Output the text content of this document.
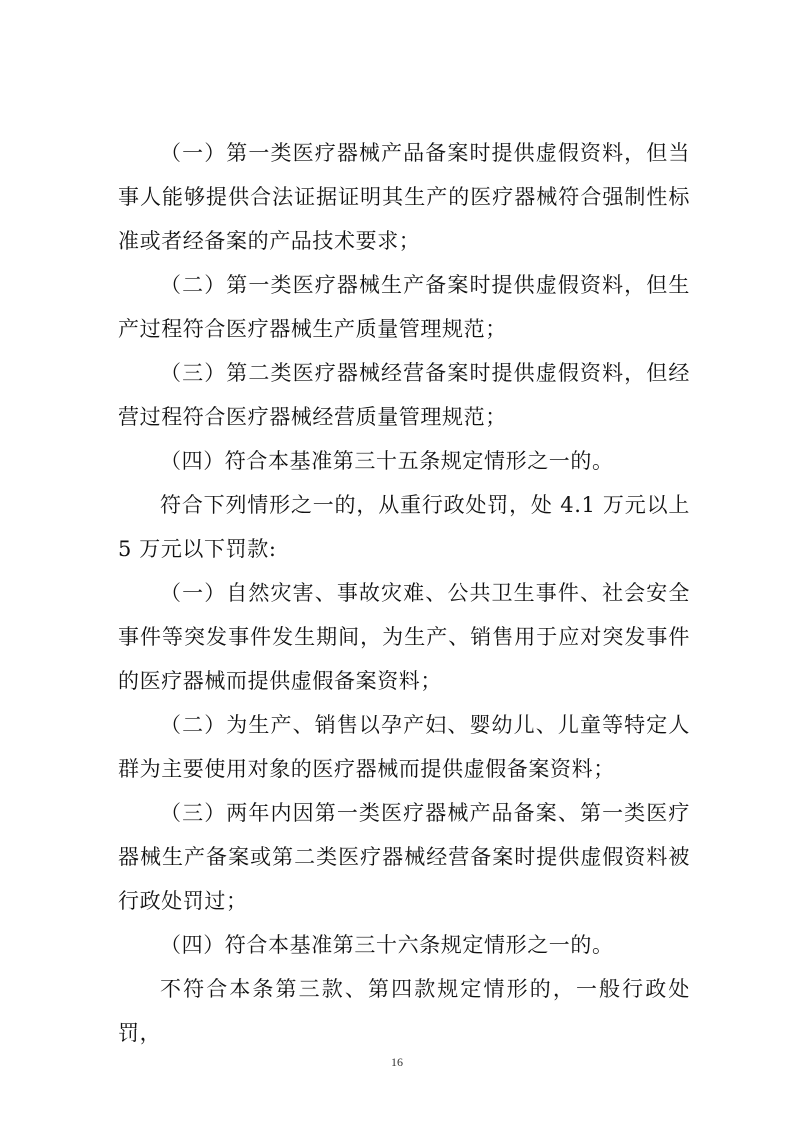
（一）第一类医疗器械产品备案时提供虚假资料，但当事人能够提供合法证据证明其生产的医疗器械符合强制性标准或者经备案的产品技术要求；

（二）第一类医疗器械生产备案时提供虚假资料，但生产过程符合医疗器械生产质量管理规范；

（三）第二类医疗器械经营备案时提供虚假资料，但经营过程符合医疗器械经营质量管理规范；

（四）符合本基准第三十五条规定情形之一的。

符合下列情形之一的，从重行政处罚，处 4.1 万元以上 5 万元以下罚款:

（一）自然灾害、事故灾难、公共卫生事件、社会安全事件等突发事件发生期间，为生产、销售用于应对突发事件的医疗器械而提供虚假备案资料；

（二）为生产、销售以孕产妇、婴幼儿、儿童等特定人群为主要使用对象的医疗器械而提供虚假备案资料；

（三）两年内因第一类医疗器械产品备案、第一类医疗器械生产备案或第二类医疗器械经营备案时提供虚假资料被行政处罚过；

（四）符合本基准第三十六条规定情形之一的。

不符合本条第三款、第四款规定情形的，一般行政处罚，

16
